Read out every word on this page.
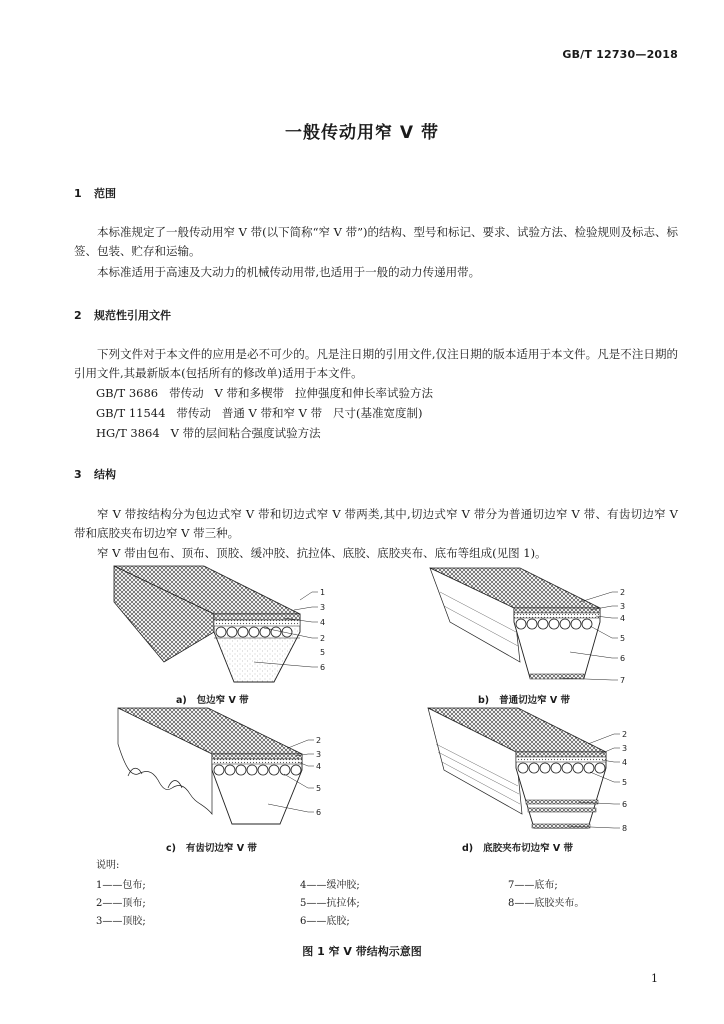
GB/T 12730—2018
一般传动用窄 V 带
1 范围
本标准规定了一般传动用窄 V 带(以下简称“窄 V 带”)的结构、型号和标记、要求、试验方法、检验规则及标志、标签、包装、贮存和运输。
本标准适用于高速及大动力的机械传动用带,也适用于一般的动力传递用带。
2 规范性引用文件
下列文件对于本文件的应用是必不可少的。凡是注日期的引用文件,仅注日期的版本适用于本文件。凡是不注日期的引用文件,其最新版本(包括所有的修改单)适用于本文件。
GB/T 3686   带传动   V 带和多楔带   拉伸强度和伸长率试验方法
GB/T 11544   带传动   普通 V 带和窄 V 带   尺寸(基准宽度制)
HG/T 3864   V 带的层间粘合强度试验方法
3 结构
窄 V 带按结构分为包边式窄 V 带和切边式窄 V 带两类,其中,切边式窄 V 带分为普通切边窄 V 带、有齿切边窄 V 带和底胶夹布切边窄 V 带三种。
窄 V 带由包布、顶布、顶胶、缓冲胶、抗拉体、底胶、底胶夹布、底布等组成(见图 1)。
1
3
4
2
5
6
a)   包边窄 V 带
2
3
4
5
6
7
b)   普通切边窄 V 带
2
3
4
5
6
c)   有齿切边窄 V 带
2
3
4
5
6
8
d)   底胶夹布切边窄 V 带
说明:
1——包布;	4——缓冲胶;	7——底布;
2——顶布;	5——抗拉体;	8——底胶夹布。
3——顶胶;	6——底胶;
图 1 窄 V 带结构示意图
1
